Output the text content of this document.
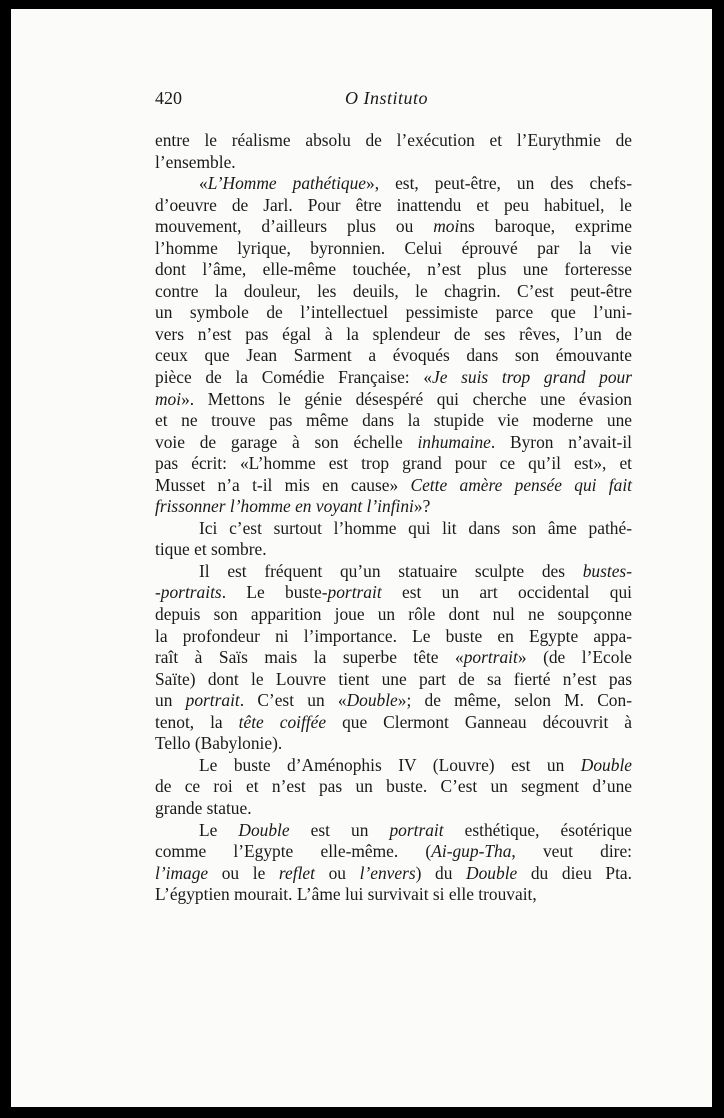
420	O Instituto
entre le réalisme absolu de l’exécution et l’Eurythmie de
l’ensemble.
«L’Homme pathétique», est, peut-être, un des chefs-
d’oeuvre de Jarl. Pour être inattendu et peu habituel, le
mouvement, d’ailleurs plus ou moins baroque, exprime
l’homme lyrique, byronnien. Celui éprouvé par la vie
dont l’âme, elle-même touchée, n’est plus une forteresse
contre la douleur, les deuils, le chagrin. C’est peut-être
un symbole de l’intellectuel pessimiste parce que l’uni-
vers n’est pas égal à la splendeur de ses rêves, l’un de
ceux que Jean Sarment a évoqués dans son émouvante
pièce de la Comédie Française: «Je suis trop grand pour
moi». Mettons le génie désespéré qui cherche une évasion
et ne trouve pas même dans la stupide vie moderne une
voie de garage à son échelle inhumaine. Byron n’avait-il
pas écrit: «L’homme est trop grand pour ce qu’il est», et
Musset n’a t-il mis en cause» Cette amère pensée qui fait
frissonner l’homme en voyant l’infini»?
Ici c’est surtout l’homme qui lit dans son âme pathé-
tique et sombre.
Il est fréquent qu’un statuaire sculpte des bustes-
-portraits. Le buste-portrait est un art occidental qui
depuis son apparition joue un rôle dont nul ne soupçonne
la profondeur ni l’importance. Le buste en Egypte appa-
raît à Saïs mais la superbe tête «portrait» (de l’Ecole
Saïte) dont le Louvre tient une part de sa fierté n’est pas
un portrait. C’est un «Double»; de même, selon M. Con-
tenot, la tête coiffée que Clermont Ganneau découvrit à
Tello (Babylonie).
Le buste d’Aménophis IV (Louvre) est un Double
de ce roi et n’est pas un buste. C’est un segment d’une
grande statue.
Le Double est un portrait esthétique, ésotérique
comme l’Egypte elle-même. (Ai-gup-Tha, veut dire:
l’image ou le reflet ou l’envers) du Double du dieu Pta.
L’égyptien mourait. L’âme lui survivait si elle trouvait,
